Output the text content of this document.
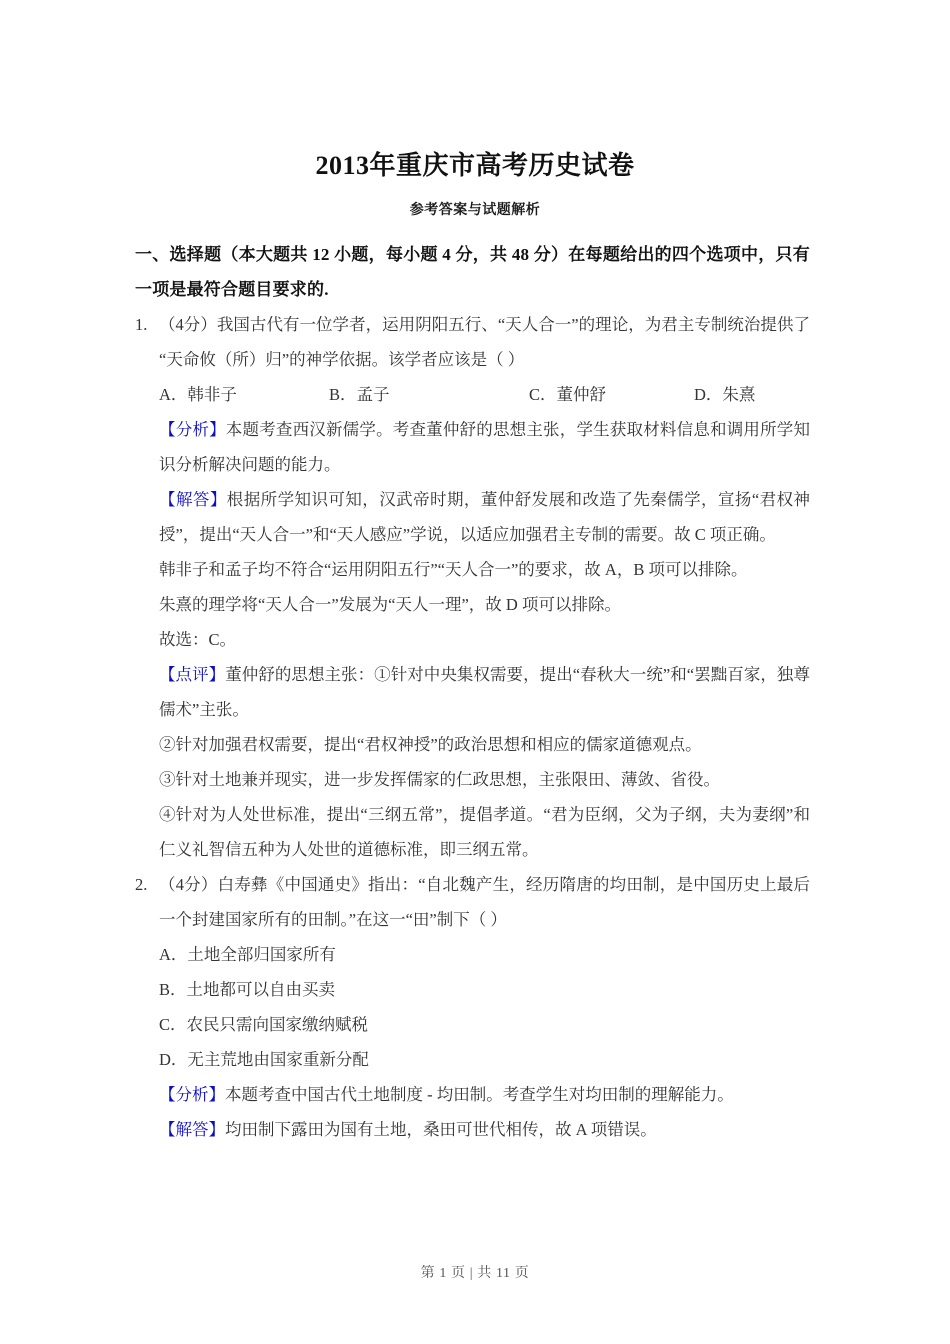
2013年重庆市高考历史试卷
参考答案与试题解析
一、选择题（本大题共 12 小题，每小题 4 分，共 48 分）在每题给出的四个选项中，只有一项是最符合题目要求的.
1. （4分）我国古代有一位学者，运用阴阳五行、“天人合一”的理论，为君主专制统治提供了“天命攸（所）归”的神学依据。该学者应该是（ ）
A．韩非子	B．孟子	C．董仲舒	D．朱熹
【分析】本题考查西汉新儒学。考查董仲舒的思想主张，学生获取材料信息和调用所学知识分析解决问题的能力。
【解答】根据所学知识可知，汉武帝时期，董仲舒发展和改造了先秦儒学，宣扬“君权神授”，提出“天人合一”和“天人感应”学说，以适应加强君主专制的需要。故 C 项正确。
韩非子和孟子均不符合“运用阴阳五行”“天人合一”的要求，故 A，B 项可以排除。
朱熹的理学将“天人合一”发展为“天人一理”，故 D 项可以排除。
故选：C。
【点评】董仲舒的思想主张：①针对中央集权需要，提出“春秋大一统”和“罢黜百家，独尊儒术”主张。
②针对加强君权需要，提出“君权神授”的政治思想和相应的儒家道德观点。
③针对土地兼并现实，进一步发挥儒家的仁政思想，主张限田、薄敛、省役。
④针对为人处世标准，提出“三纲五常”，提倡孝道。“君为臣纲，父为子纲，夫为妻纲”和仁义礼智信五种为人处世的道德标准，即三纲五常。
2. （4分）白寿彝《中国通史》指出：“自北魏产生，经历隋唐的均田制，是中国历史上最后一个封建国家所有的田制。”在这一“田”制下（ ）
A．土地全部归国家所有
B．土地都可以自由买卖
C．农民只需向国家缴纳赋税
D．无主荒地由国家重新分配
【分析】本题考查中国古代土地制度 - 均田制。考查学生对均田制的理解能力。
【解答】均田制下露田为国有土地，桑田可世代相传，故 A 项错误。
第 1 页 | 共 11 页
